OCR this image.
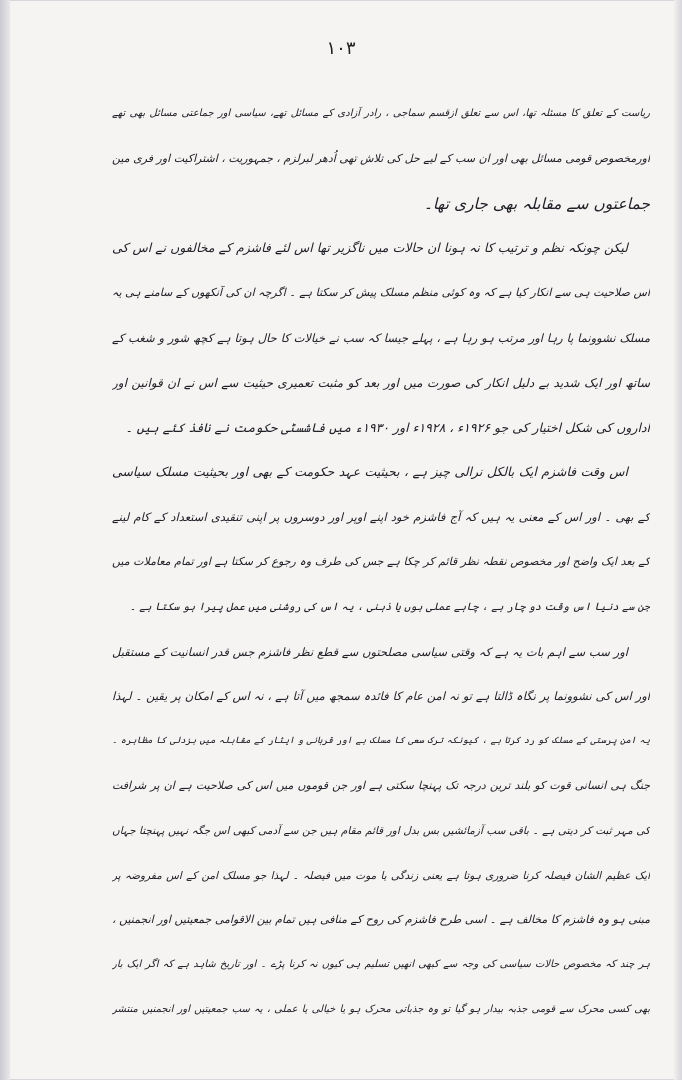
۱۰۳
ریاست کے تعلق کا مسئلہ تھا، اس سے تعلق ازقسم سماجی ، رادر آزادی کے مسائل تھے، سیاسی اور جماعتی مسائل بھی تھے
اورمخصوص قومی مسائل بھی اور ان سب کے لیے حل کی تلاش تھی اُدھر لبرلزم ، جمہوریت ، اشتراکیت اور فری مین
جماعتوں سے مقابلہ بھی جاری تھا۔
لیکن چونکہ نظم و ترتیب کا نہ ہونا ان حالات میں ناگزیر تھا اس لئے فاشزم کے مخالفوں نے اس کی
اس صلاحیت ہی سے انکار کیا ہے کہ وہ کوئی منظم مسلک پیش کر سکتا ہے ۔ اگرچہ ان کی آنکھوں کے سامنے ہی یہ
مسلک نشوونما پا رہا اور مرتب ہو رہا ہے ، پہلے جیسا کہ سب نے خیالات کا حال ہوتا ہے کچھ شور و شغب کے
ساتھ اور ایک شدید بے دلیل انکار کی صورت میں اور بعد کو مثبت تعمیری حیثیت سے اس نے ان قوانین اور
اداروں کی شکل اختیار کی جو ۱۹۲۶ء ، ۱۹۲۸ء اور ۱۹۳۰ء میں فاشسٹی حکومت نے نافذ کئے ہیں ۔
اس وقت فاشزم ایک بالکل نرالی چیز ہے ، بحیثیت عہد حکومت کے بھی اور بحیثیت مسلک سیاسی
کے بھی ۔ اور اس کے معنی یہ ہیں کہ آج فاشزم خود اپنے اوپر اور دوسروں پر اپنی تنقیدی استعداد کے کام لینے
کے بعد ایک واضح اور مخصوص نقطہ نظر قائم کر چکا ہے جس کی طرف وہ رجوع کر سکتا ہے اور تمام معاملات میں
جن سے دنیا اس وقت دو چار ہے ، چاہے عملی ہوں یا ذہنی ، یہ اس کی روشنی میں عمل پیرا ہو سکتا ہے ۔
اور سب سے اہم بات یہ ہے کہ وقتی سیاسی مصلحتوں سے قطع نظر فاشزم جس قدر انسانیت کے مستقبل
اور اس کی نشوونما پر نگاہ ڈالتا ہے تو نہ امن عام کا فائدہ سمجھ میں آتا ہے ، نہ اس کے امکان پر یقین ۔ لہذا
یہ امن پرستی کے مسلک کو رد کرتا ہے ، کیونکہ ترک سعی کا مسلک ہے اور قربانی و ایثار کے مقابلہ میں بزدلی کا مظاہرہ ۔
جنگ ہی انسانی قوت کو بلند ترین درجہ تک پہنچا سکتی ہے اور جن قوموں میں اس کی صلاحیت ہے ان پر شرافت
کی مہر ثبت کر دیتی ہے ۔ باقی سب آزمائشیں بس بدل اور قائم مقام ہیں جن سے آدمی کبھی اس جگہ نہیں پہنچتا جہاں
ایک عظیم الشان فیصلہ کرنا ضروری ہوتا ہے یعنی زندگی یا موت میں فیصلہ ۔ لہذا جو مسلک امن کے اس مفروضہ پر
مبنی ہو وہ فاشزم کا مخالف ہے ۔ اسی طرح فاشزم کی روح کے منافی ہیں تمام بین الاقوامی جمعیتیں اور انجمنیں ،
ہر چند کہ مخصوص حالات سیاسی کی وجہ سے کبھی انھیں تسلیم ہی کیوں نہ کرنا پڑے ۔ اور تاریخ شاہد ہے کہ اگر ایک بار
بھی کسی محرک سے قومی جذبہ بیدار ہو گیا تو وہ جذباتی محرک ہو یا خیالی یا عملی ، یہ سب جمعیتیں اور انجمنیں منتشر
